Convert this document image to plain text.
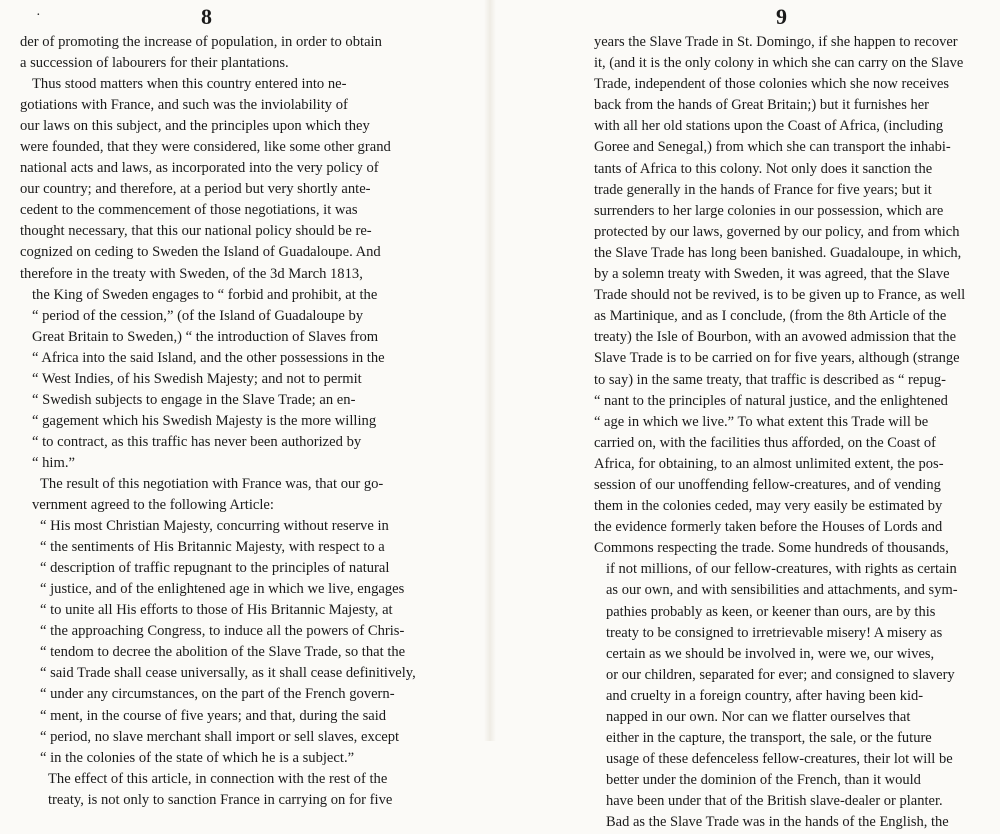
·	8
der of promoting the increase of population, in order to obtain
a succession of labourers for their plantations.
Thus stood matters when this country entered into ne-
gotiations with France, and such was the inviolability of
our laws on this subject, and the principles upon which they
were founded, that they were considered, like some other grand
national acts and laws, as incorporated into the very policy of
our country; and therefore, at a period but very shortly ante-
cedent to the commencement of those negotiations, it was
thought necessary, that this our national policy should be re-
cognized on ceding to Sweden the Island of Guadaloupe. And
therefore in the treaty with Sweden, of the 3d March 1813,
the King of Sweden engages to “ forbid and prohibit, at the
“ period of the cession,” (of the Island of Guadaloupe by
Great Britain to Sweden,) “ the introduction of Slaves from
“ Africa into the said Island, and the other possessions in the
“ West Indies, of his Swedish Majesty; and not to permit
“ Swedish subjects to engage in the Slave Trade; an en-
“ gagement which his Swedish Majesty is the more willing
“ to contract, as this traffic has never been authorized by
“ him.”
The result of this negotiation with France was, that our go-
vernment agreed to the following Article:
“ His most Christian Majesty, concurring without reserve in
“ the sentiments of His Britannic Majesty, with respect to a
“ description of traffic repugnant to the principles of natural
“ justice, and of the enlightened age in which we live, engages
“ to unite all His efforts to those of His Britannic Majesty, at
“ the approaching Congress, to induce all the powers of Chris-
“ tendom to decree the abolition of the Slave Trade, so that the
“ said Trade shall cease universally, as it shall cease definitively,
“ under any circumstances, on the part of the French govern-
“ ment, in the course of five years; and that, during the said
“ period, no slave merchant shall import or sell slaves, except
“ in the colonies of the state of which he is a subject.”
The effect of this article, in connection with the rest of the
treaty, is not only to sanction France in carrying on for five
9
years the Slave Trade in St. Domingo, if she happen to recover
it, (and it is the only colony in which she can carry on the Slave
Trade, independent of those colonies which she now receives
back from the hands of Great Britain;) but it furnishes her
with all her old stations upon the Coast of Africa, (including
Goree and Senegal,) from which she can transport the inhabi-
tants of Africa to this colony. Not only does it sanction the
trade generally in the hands of France for five years; but it
surrenders to her large colonies in our possession, which are
protected by our laws, governed by our policy, and from which
the Slave Trade has long been banished. Guadaloupe, in which,
by a solemn treaty with Sweden, it was agreed, that the Slave
Trade should not be revived, is to be given up to France, as well
as Martinique, and as I conclude, (from the 8th Article of the
treaty) the Isle of Bourbon, with an avowed admission that the
Slave Trade is to be carried on for five years, although (strange
to say) in the same treaty, that traffic is described as “ repug-
“ nant to the principles of natural justice, and the enlightened
“ age in which we live.” To what extent this Trade will be
carried on, with the facilities thus afforded, on the Coast of
Africa, for obtaining, to an almost unlimited extent, the pos-
session of our unoffending fellow-creatures, and of vending
them in the colonies ceded, may very easily be estimated by
the evidence formerly taken before the Houses of Lords and
Commons respecting the trade. Some hundreds of thousands,
if not millions, of our fellow-creatures, with rights as certain
as our own, and with sensibilities and attachments, and sym-
pathies probably as keen, or keener than ours, are by this
treaty to be consigned to irretrievable misery! A misery as
certain as we should be involved in, were we, our wives,
or our children, separated for ever; and consigned to slavery
and cruelty in a foreign country, after having been kid-
napped in our own. Nor can we flatter ourselves that
either in the capture, the transport, the sale, or the future
usage of these defenceless fellow-creatures, their lot will be
better under the dominion of the French, than it would
have been under that of the British slave-dealer or planter.
Bad as the Slave Trade was in the hands of the English, the
